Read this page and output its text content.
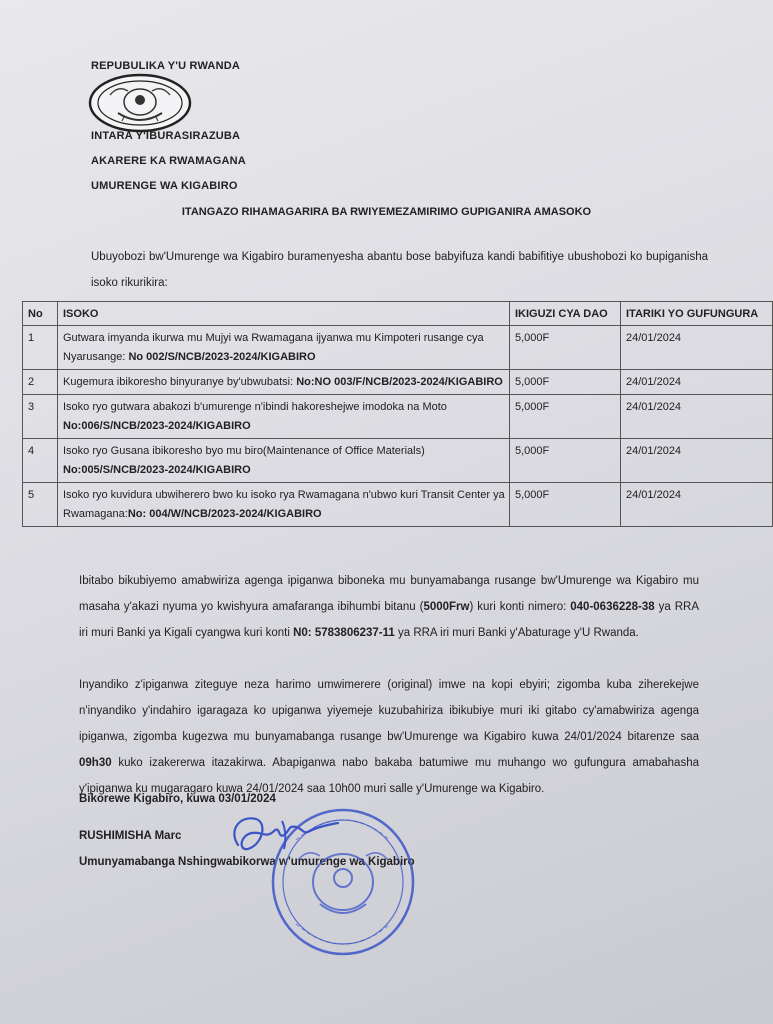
REPUBULIKA Y'U RWANDA
INTARA Y'IBURASIRAZUBA
AKARERE KA RWAMAGANA
UMURENGE WA KIGABIRO
ITANGAZO RIHAMAGARIRA BA RWIYEMEZAMIRIMO GUPIGANIRA AMASOKO
Ubuyobozi bw'Umurenge wa Kigabiro buramenyesha abantu bose babyifuza kandi babifitiye ubushobozi ko bupiganisha isoko rikurikira:
No	ISOKO	IKIGUZI CYA DAO	ITARIKI YO GUFUNGURA
1	Gutwara imyanda ikurwa mu Mujyi wa Rwamagana ijyanwa mu Kimpoteri rusange cya Nyarusange: No 002/S/NCB/2023-2024/KIGABIRO	5,000F	24/01/2024
2	Kugemura ibikoresho binyuranye by'ubwubatsi: No:NO 003/F/NCB/2023-2024/KIGABIRO	5,000F	24/01/2024
3	Isoko ryo gutwara abakozi b'umurenge n'ibindi hakoreshejwe imodoka na Moto No:006/S/NCB/2023-2024/KIGABIRO	5,000F	24/01/2024
4	Isoko ryo Gusana ibikoresho byo mu biro(Maintenance of Office Materials) No:005/S/NCB/2023-2024/KIGABIRO	5,000F	24/01/2024
5	Isoko ryo kuvidura ubwiherero bwo ku isoko rya Rwamagana n'ubwo kuri Transit Center ya Rwamagana:No: 004/W/NCB/2023-2024/KIGABIRO	5,000F	24/01/2024
Ibitabo bikubiyemo amabwiriza agenga ipiganwa biboneka mu bunyamabanga rusange bw'Umurenge wa Kigabiro mu masaha y'akazi nyuma yo kwishyura amafaranga ibihumbi bitanu (5000Frw) kuri konti nimero: 040-0636228-38 ya RRA iri muri Banki ya Kigali cyangwa kuri konti N0: 5783806237-11 ya RRA iri muri Banki y'Abaturage y'U Rwanda.
Inyandiko z'ipiganwa ziteguye neza harimo umwimerere (original) imwe na kopi ebyiri; zigomba kuba ziherekejwe n'inyandiko y'indahiro igaragaza ko upiganwa yiyemeje kuzubahiriza ibikubiye muri iki gitabo cy'amabwiriza agenga ipiganwa, zigomba kugezwa mu bunyamabanga rusange bw'Umurenge wa Kigabiro kuwa 24/01/2024 bitarenze saa 09h30 kuko izakererwa itazakirwa. Abapiganwa nabo bakaba batumiwe mu muhango wo gufungura amabahasha y'ipiganwa ku mugaragaro kuwa 24/01/2024 saa 10h00 muri salle y'Umurenge wa Kigabiro.
Bikorewe Kigabiro, kuwa 03/01/2024
RUSHIMISHA Marc
Umunyamabanga Nshingwabikorwa w'umurenge wa Kigabiro
